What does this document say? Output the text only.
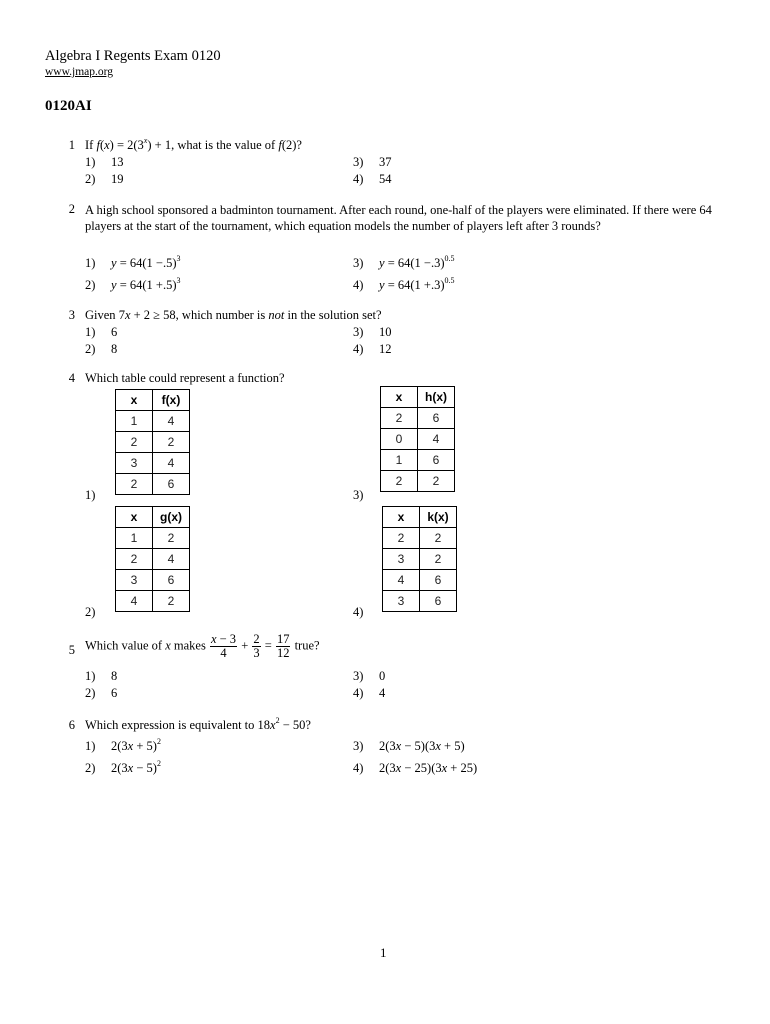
Algebra I Regents Exam 0120
www.jmap.org
0120AI
1 If $f(x) = 2(3^x) + 1$, what is the value of f(2)?
1) 13
2) 19
3) 37
4) 54
2 A high school sponsored a badminton tournament. After each round, one-half of the players were eliminated. If there were 64 players at the start of the tournament, which equation models the number of players left after 3 rounds?
1) $y = 64(1 -.5)^3$
2) $y = 64(1 +.5)^3$
3) $y = 64(1 -.3)^{0.5}$
4) $y = 64(1 +.3)^{0.5}$
3 Given 7x + 2 ≥ 58, which number is not in the solution set?
1) 6
2) 8
3) 10
4) 12
4 Which table could represent a function?
1)
2)
3)
4)
x	f(x)
1	4
2	2
3	4
2	6
x	g(x)
1	2
2	4
3	6
4	2
x	h(x)
2	6
0	4
1	6
2	2
x	k(x)
2	2
3	2
4	6
3	6
5 Which value of x makes $\frac{x - 3}{4} + \frac{2}{3} = \frac{17}{12}$ true?
1) 8
2) 6
3) 0
4) 4
6 Which expression is equivalent to $18x^2 - 50$?
1) $2(3x + 5)^2$
2) $2(3x - 5)^2$
3) 2(3x − 5)(3x + 5)
4) 2(3x − 25)(3x + 25)
1
